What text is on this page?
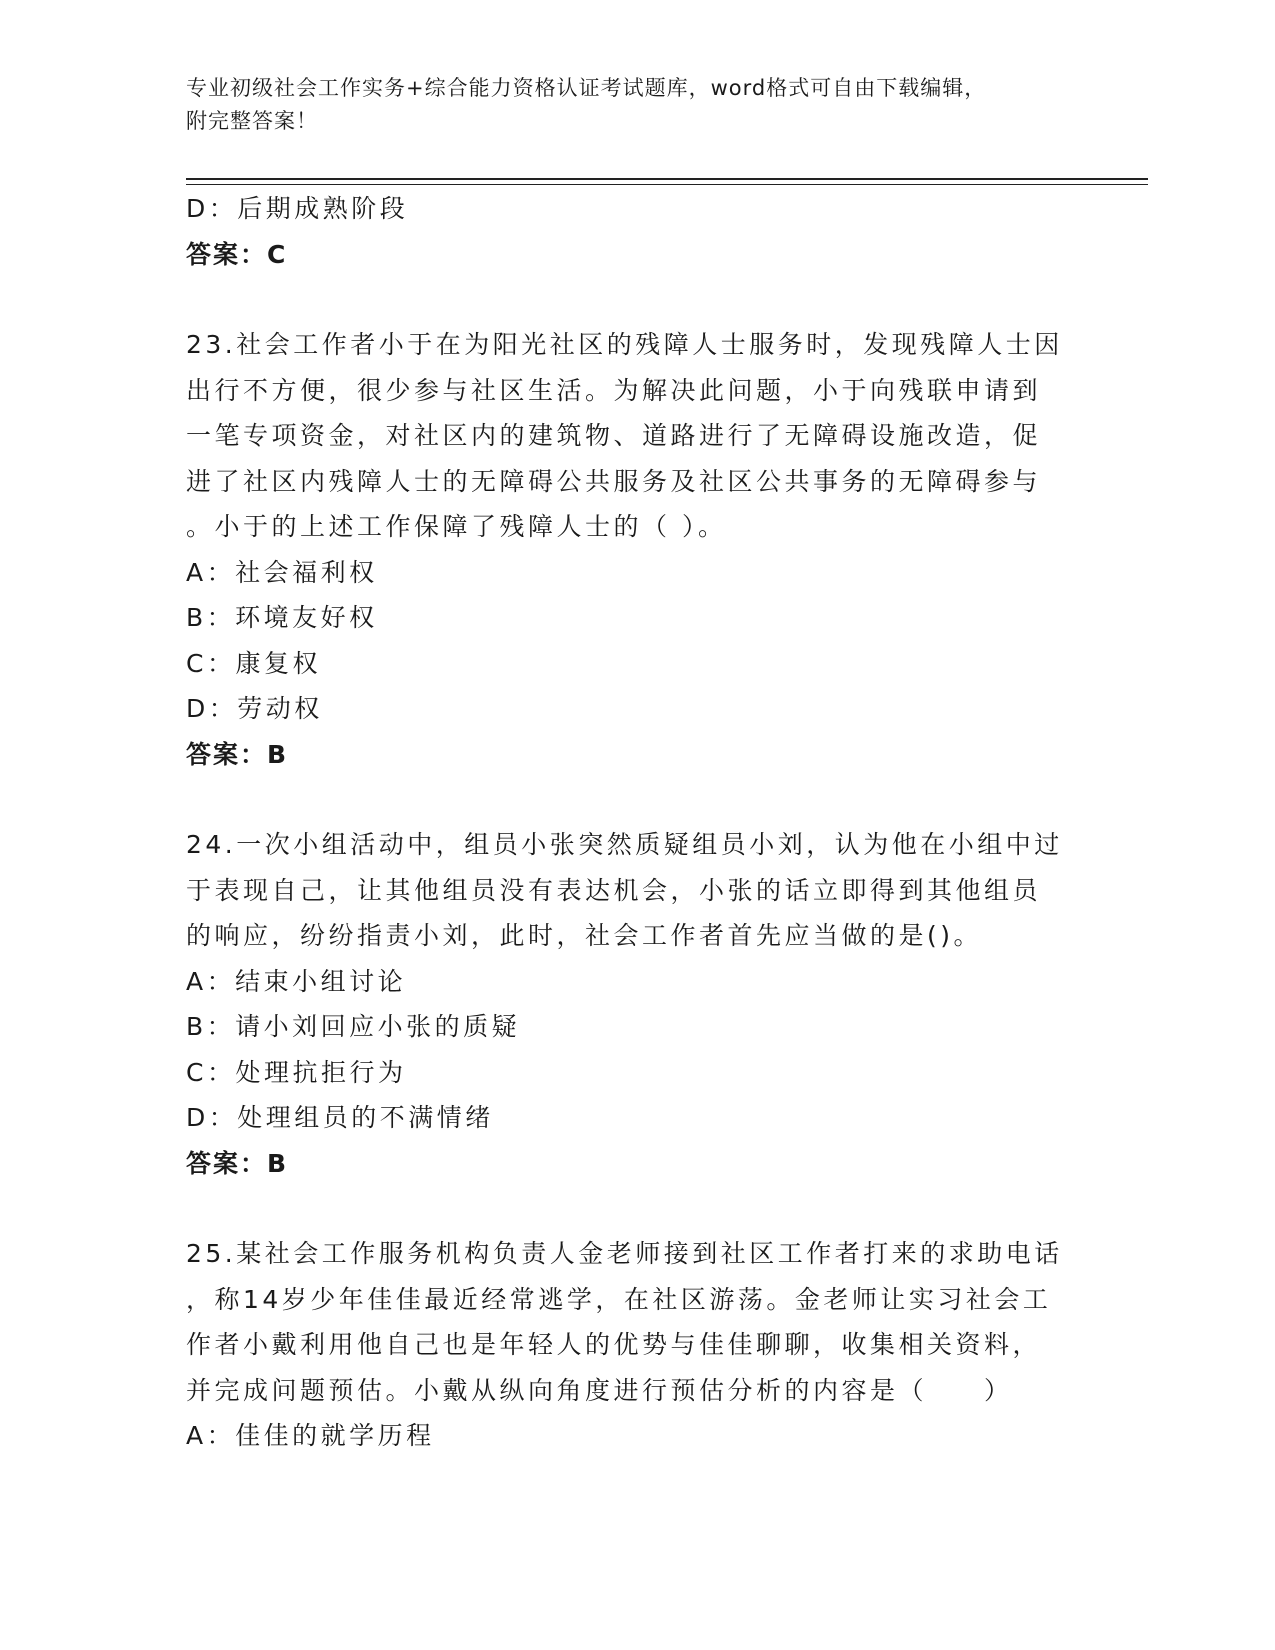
专业初级社会工作实务+综合能力资格认证考试题库，word格式可自由下载编辑，
附完整答案！
D：后期成熟阶段
答案：C
23.社会工作者小于在为阳光社区的残障人士服务时，发现残障人士因
出行不方便，很少参与社区生活。为解决此问题，小于向残联申请到
一笔专项资金，对社区内的建筑物、道路进行了无障碍设施改造，促
进了社区内残障人士的无障碍公共服务及社区公共事务的无障碍参与
。小于的上述工作保障了残障人士的（ ）。
A：社会福利权
B：环境友好权
C：康复权
D：劳动权
答案：B
24.一次小组活动中，组员小张突然质疑组员小刘，认为他在小组中过
于表现自己，让其他组员没有表达机会，小张的话立即得到其他组员
的响应，纷纷指责小刘，此时，社会工作者首先应当做的是()。
A：结束小组讨论
B：请小刘回应小张的质疑
C：处理抗拒行为
D：处理组员的不满情绪
答案：B
25.某社会工作服务机构负责人金老师接到社区工作者打来的求助电话
，称14岁少年佳佳最近经常逃学，在社区游荡。金老师让实习社会工
作者小戴利用他自己也是年轻人的优势与佳佳聊聊，收集相关资料，
并完成问题预估。小戴从纵向角度进行预估分析的内容是（　　）
A：佳佳的就学历程
